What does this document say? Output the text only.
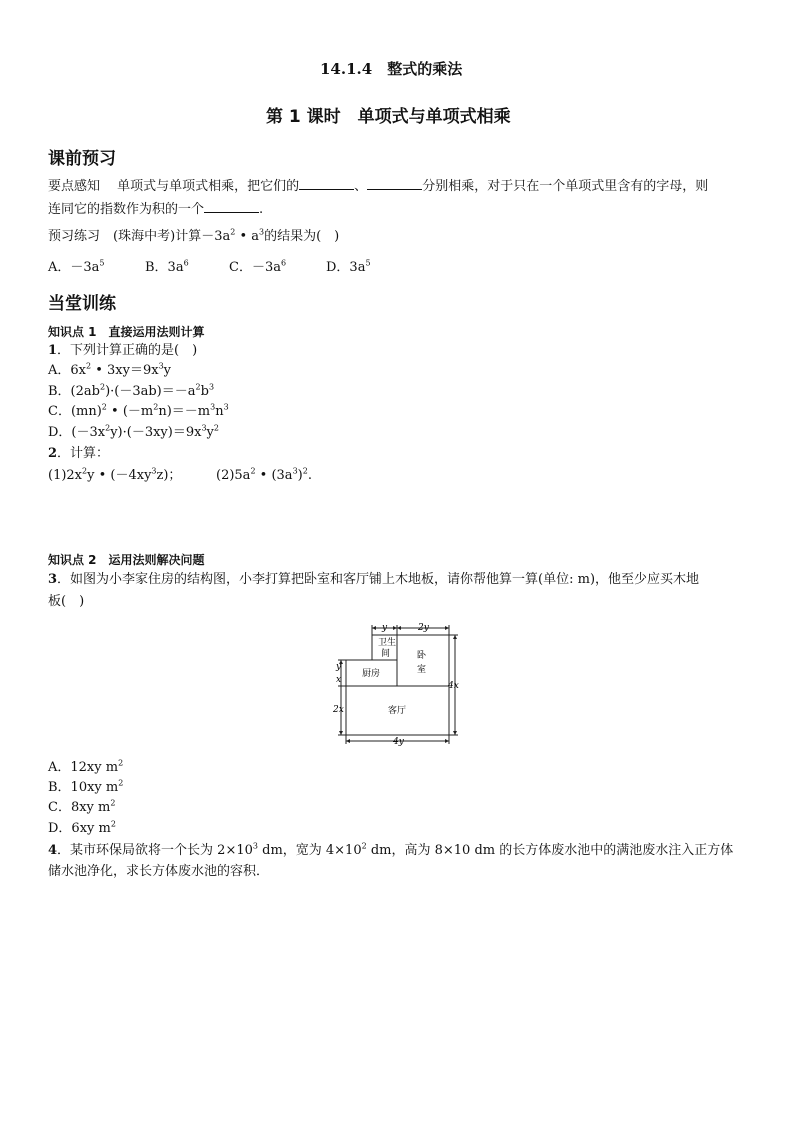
14.1.4　整式的乘法
第 1 课时　单项式与单项式相乘
课前预习
要点感知　 单项式与单项式相乘，把它们的	、	分别相乘，对于只在一个单项式里含有的字母，则
连同它的指数作为积的一个	.
预习练习　 (珠海中考)计算$-3a^2$ • $a^3$的结果为(　)
A．$-3a^5$	B．$3a^6$	C．$-3a^6$	D．$3a^5$
当堂训练
知识点 1　直接运用法则计算
1．下列计算正确的是(　)
A．$6x^2$ • $3xy=9x^3y$
B．$(2ab^2)\cdot(-3ab)=-a^2b^3$
C．(mn)$^2$ • $(-m^2n)=-m^3n^3$
D．$(-3x^2y)\cdot(-3xy)=9x^3y^2$
2．计算：
$(1)2x^2y$ • $(-4xy^3z)$；	$(2)5a^2$ • $(3a^3)^2$.
知识点 2　运用法则解决问题
3．如图为小李家住房的结构图，小李打算把卧室和客厅铺上木地板，请你帮他算一算(单位: m)，他至少应买木地
板(　)
y	2y
卫生
间	卧
室
厨房
客厅
y
x
2x
4x
4y
A．12xy $m^2$
B．10xy $m^2$
C．8xy $m^2$
D．6xy $m^2$
4．某市环保局欲将一个长为 $2\times 10^3$ dm，宽为 $4\times 10^2$ dm，高为 8×10 dm 的长方体废水池中的满池废水注入正方体
储水池净化，求长方体废水池的容积．
